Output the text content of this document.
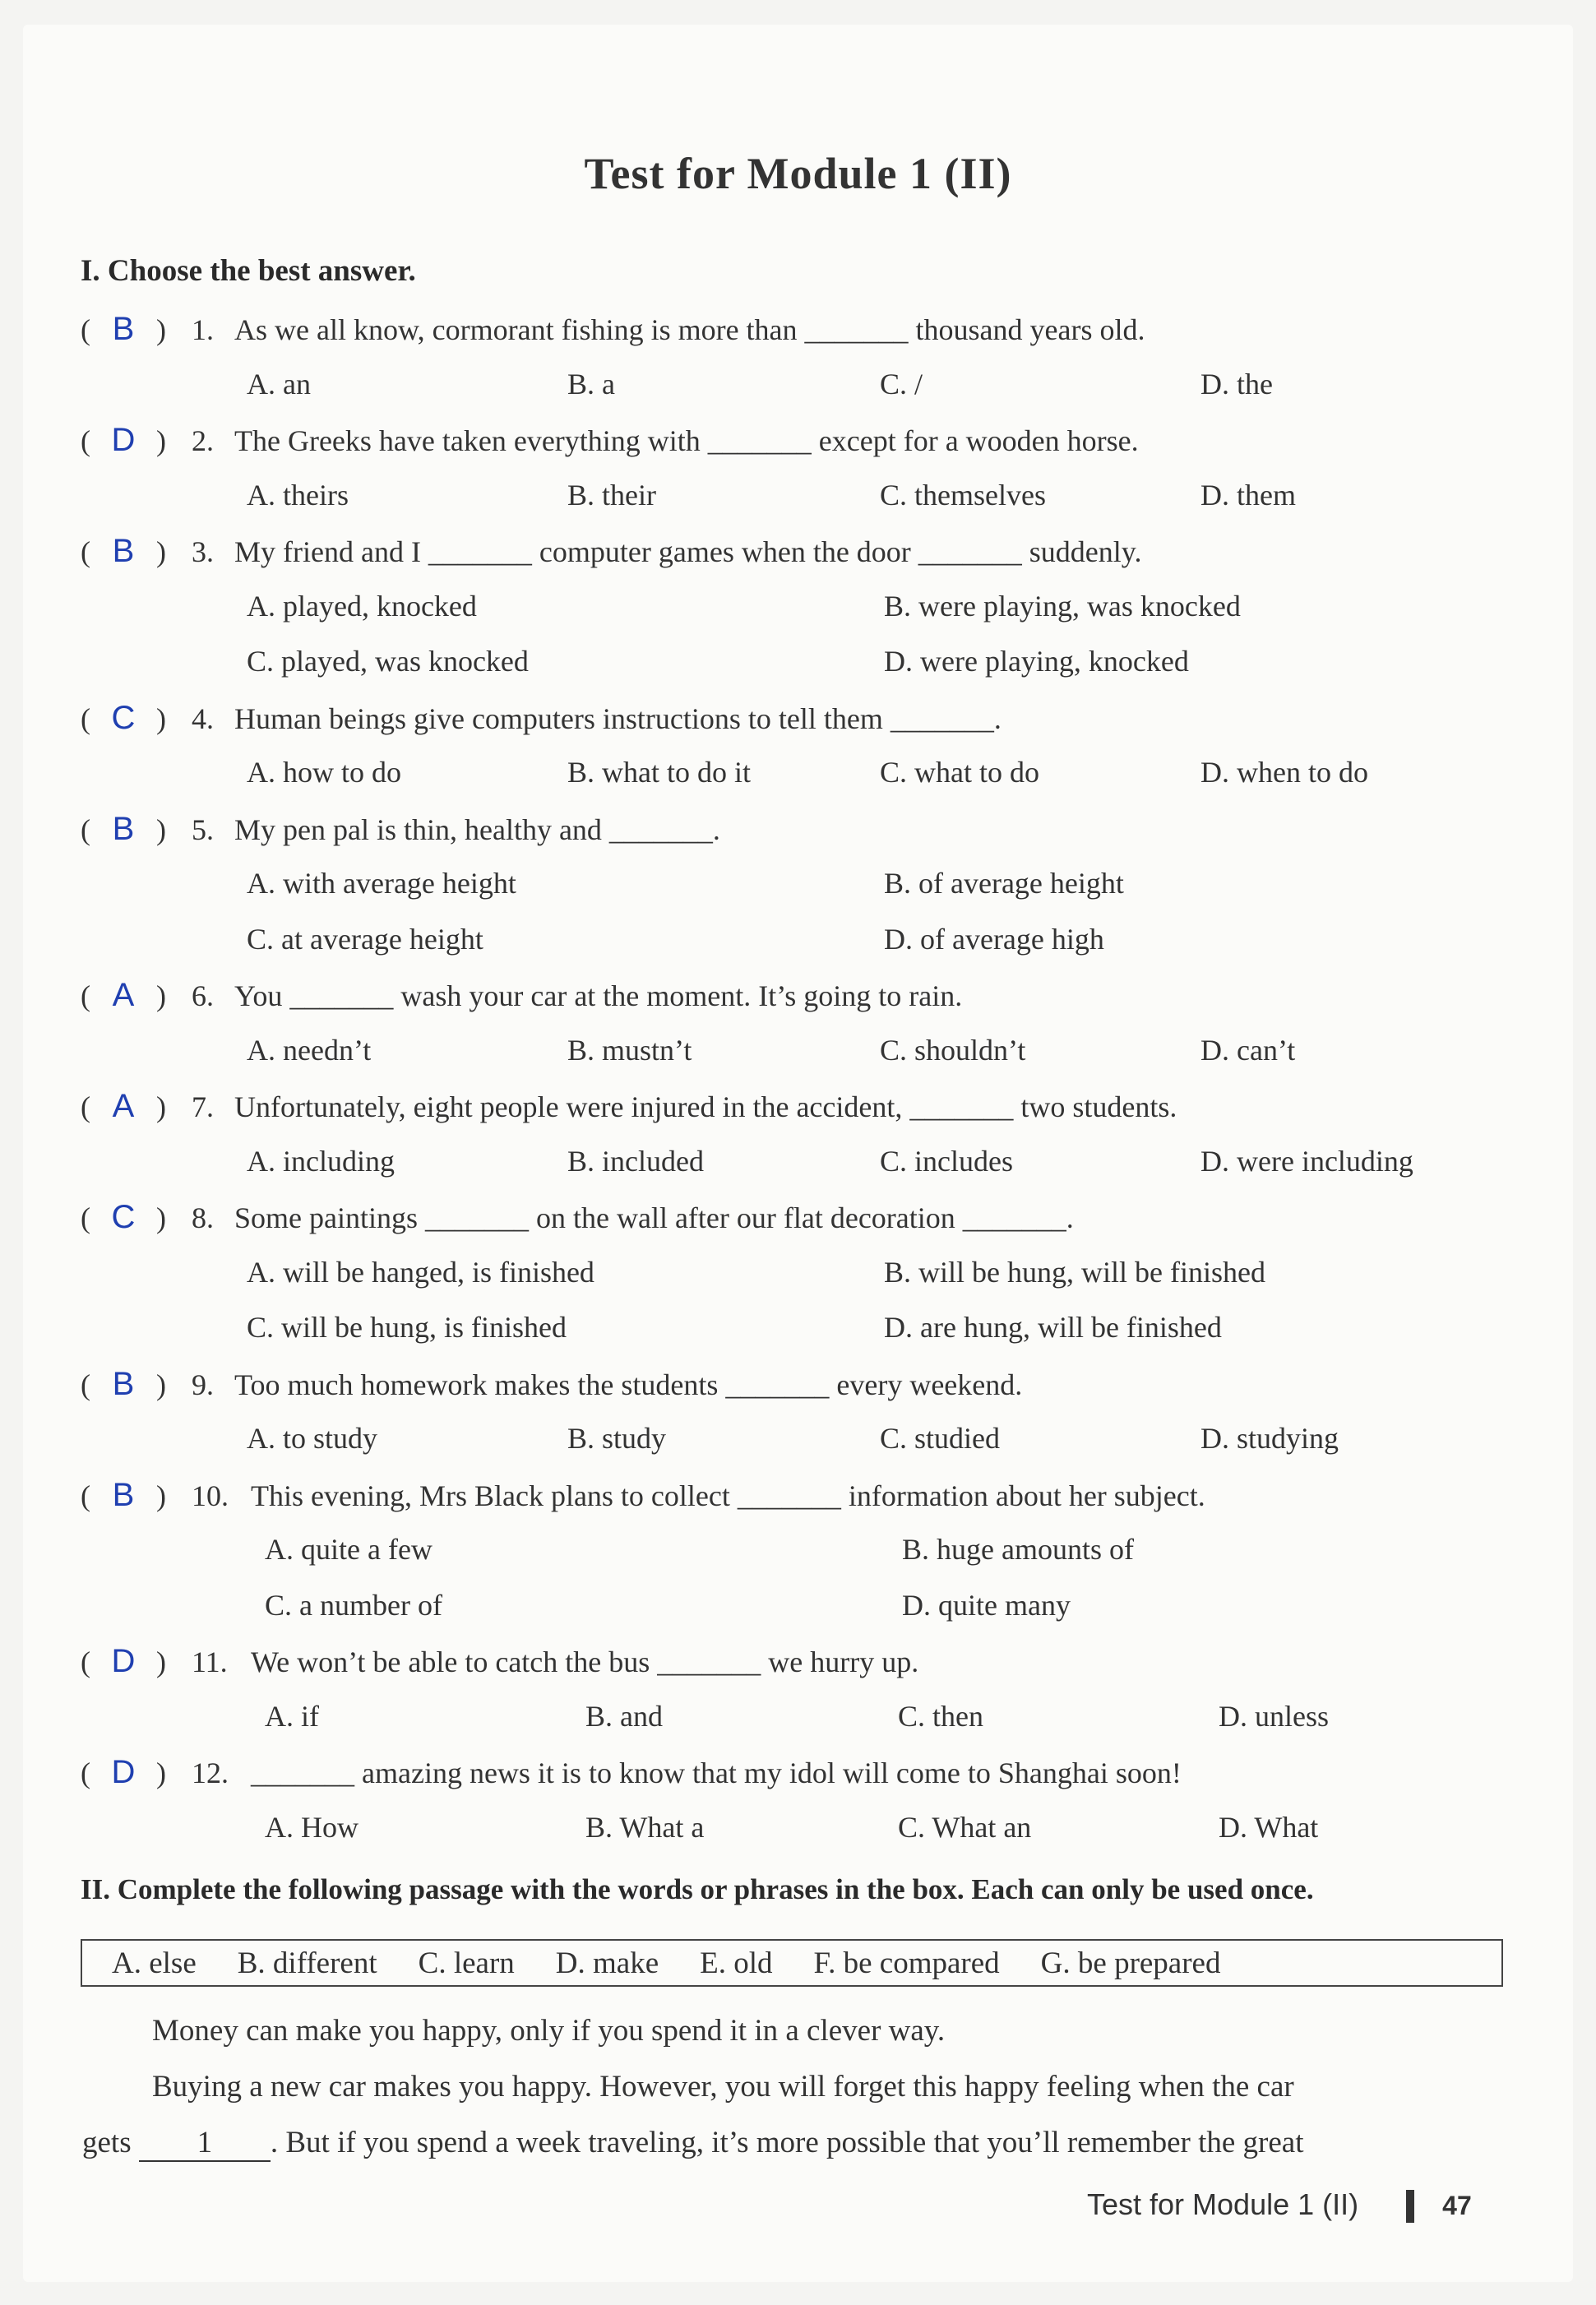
Test for Module 1 (II)
I. Choose the best answer.
( B ) 1. As we all know, cormorant fishing is more than _______ thousand years old.
A. an	B. a	C. /	D. the
( D ) 2. The Greeks have taken everything with _______ except for a wooden horse.
A. theirs	B. their	C. themselves	D. them
( B ) 3. My friend and I _______ computer games when the door _______ suddenly.
A. played, knocked	B. were playing, was knocked
C. played, was knocked	D. were playing, knocked
( C ) 4. Human beings give computers instructions to tell them _______.
A. how to do	B. what to do it	C. what to do	D. when to do
( B ) 5. My pen pal is thin, healthy and _______.
A. with average height	B. of average height
C. at average height	D. of average high
( A ) 6. You _______ wash your car at the moment. It’s going to rain.
A. needn’t	B. mustn’t	C. shouldn’t	D. can’t
( A ) 7. Unfortunately, eight people were injured in the accident, _______ two students.
A. including	B. included	C. includes	D. were including
( C ) 8. Some paintings _______ on the wall after our flat decoration _______.
A. will be hanged, is finished	B. will be hung, will be finished
C. will be hung, is finished	D. are hung, will be finished
( B ) 9. Too much homework makes the students _______ every weekend.
A. to study	B. study	C. studied	D. studying
( B ) 10. This evening, Mrs Black plans to collect _______ information about her subject.
A. quite a few	B. huge amounts of
C. a number of	D. quite many
( D ) 11. We won’t be able to catch the bus _______ we hurry up.
A. if	B. and	C. then	D. unless
( D ) 12. _______ amazing news it is to know that my idol will come to Shanghai soon!
A. How	B. What a	C. What an	D. What
II. Complete the following passage with the words or phrases in the box. Each can only be used once.
A. else B. different C. learn D. make E. old F. be compared G. be prepared
Money can make you happy, only if you spend it in a clever way.
Buying a new car makes you happy. However, you will forget this happy feeling when the car
gets 1 . But if you spend a week traveling, it’s more possible that you’ll remember the great
Test for Module 1 (II)	47
